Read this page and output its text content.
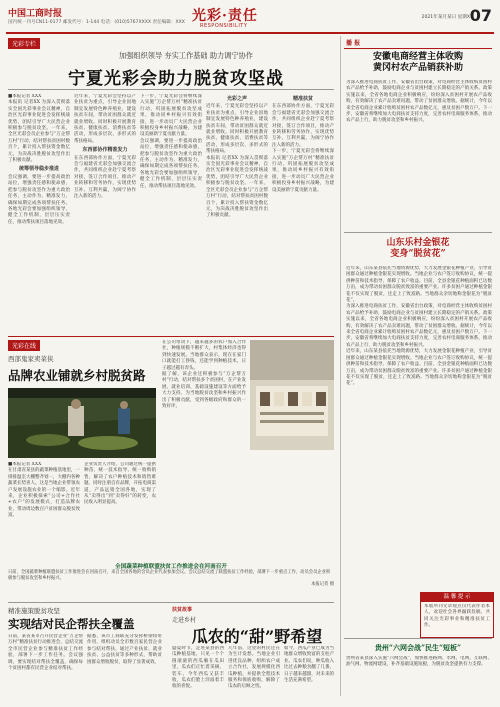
中国工商时报
国内统一刊号CN11-0177 邮发代号：1-144 电话：(010)5767XXXX 责任编辑：XXX 光彩·责任
RESPONSIBILITY
2021年某月某日 星期X 07
光彩专栏
加强组织领导 夯实工作基础 助力调宁协作
宁夏光彩会助力脱贫攻坚战
■本报记者 XXX
本报讯 记者XX 为深入贯彻落实全国光彩事业会议精神，自治区光彩事业促进会发挥统战优势，团结引导广大民营企业积极参与脱贫攻坚。一年来，全区光彩会员企业参与“万企帮万村”行动，结对帮扶贫困村数百个，累计投入帮扶资金数亿元，为决战决胜脱贫攻坚作出了积极贡献。
统筹领导稳步推进
会议强调，要进一步提高政治站位，增强责任感和使命感，把参与脱贫攻坚作为重大政治任务，主动作为、精准发力，确保如期完成各项帮扶任务。各地光彩会要加强组织领导，健全工作机制，层层压实责任，推动帮扶项目落地见效。
近年来，宁夏光彩会坚持以产业扶贫为重点，引导企业因地制宜发展特色种养殖业，建设扶贫车间，带动贫困群众就近就业增收。同时积极开展教育扶贫、健康扶贫、消费扶贫等活动，形成多层次、多形式的帮扶格局。
东西部协作精准发力
在东西部协作方面，宁夏光彩会与福建省光彩会加强交流合作，共同组织企业赴宁夏考察对接，签订合作项目，推动产业转移和劳务协作，实现优势互补、互利共赢，为闽宁协作注入新的活力。
下一步，宁夏光彩会将继续深入实施“万企帮万村”精准扶贫行动，巩固拓展脱贫攻坚成果，推动同乡村振兴有效衔接，进一步动员广大民营企业积极投身乡村振兴战略，为建设美丽新宁夏贡献力量。
会议强调，要进一步提高政治站位，增强责任感和使命感，把参与脱贫攻坚作为重大政治任务，主动作为、精准发力，确保如期完成各项帮扶任务。各地光彩会要加强组织领导，健全工作机制，层层压实责任，推动帮扶项目落地见效。
光彩之声
近年来，宁夏光彩会坚持以产业扶贫为重点，引导企业因地制宜发展特色种养殖业，建设扶贫车间，带动贫困群众就近就业增收。同时积极开展教育扶贫、健康扶贫、消费扶贫等活动，形成多层次、多形式的帮扶格局。
本报讯 记者XX 为深入贯彻落实全国光彩事业会议精神，自治区光彩事业促进会发挥统战优势，团结引导广大民营企业积极参与脱贫攻坚。一年来，全区光彩会员企业参与“万企帮万村”行动，结对帮扶贫困村数百个，累计投入帮扶资金数亿元，为决战决胜脱贫攻坚作出了积极贡献。
精准扶贫
在东西部协作方面，宁夏光彩会与福建省光彩会加强交流合作，共同组织企业赴宁夏考察对接，签订合作项目，推动产业转移和劳务协作，实现优势互补、互利共赢，为闽宁协作注入新的活力。
下一步，宁夏光彩会将继续深入实施“万企帮万村”精准扶贫行动，巩固拓展脱贫攻坚成果，推动同乡村振兴有效衔接，进一步动员广大民营企业积极投身乡村振兴战略，为建设美丽新宁夏贡献力量。
光彩在线
西部鬼家卖菜侠
品牌农业铺就乡村脱贫路
■本报记者 XXX
在甘肃省某县的蔬菜种植基地里，一排排温室大棚整齐划一，大棚内各种蔬菜长势喜人。这是当地企业带领农户发展设施农业的一个缩影。近年来，企业积极探索“公司+合作社+农户”的发展模式，打造品牌农业，带动周边数百户贫困群众脱贫致富。
企业负责人介绍，公司通过统一提供种苗、统一技术指导、统一收购销售，解决了农户种植技术和销售难题。同时注册自有品牌，开拓电商渠道，产品远销全国各地，实现了从“卖得出”到“卖得好”的转变，农民收入明显提高。
在公司带动下，越来越多的农户加入合作社，种植规模不断扩大，村集体经济也得到快速发展。当地群众表示，现在在家门口就能打工挣钱，还能学到种植技术，日子越过越有奔头。
据了解，该企业还积极参与“万企帮万村”行动，结对帮扶多个贫困村，在产业发展、就业培训、基础设施建设等方面给予大力支持，为当地脱贫攻坚和乡村振兴作出了积极贡献，受到各级政府和群众的一致好评。
全国蔬菜种植联盟扶贫工作推进会在河南召开
日前，全国蔬菜种植联盟扶贫工作推进会在河南召开，来自全国各地的会员企业代表参加会议。会议总结交流了联盟扶贫工作经验，部署下一步重点工作，动员会员企业积极参与脱贫攻坚和乡村振兴。
本报记者 摄
精准施策脱贫攻坚
实现结对民企帮扶全覆盖
日前，某省某市召开民营企业“万企帮万村”精准扶贫行动推进会，总结交流全市民营企业参与精准扶贫工作经验，部署下一步工作任务。会议强调，要实现结对帮扶全覆盖，确保每个贫困村都有民营企业结对帮扶。
据悉，该市工商联充分发挥桥梁纽带作用，组织动员全市数百家民营企业参与结对帮扶，通过产业扶贫、就业扶贫、公益扶贫等多种形式，帮助贫困群众增收脱贫，取得了显著成效。
扶贫故事
走进乡村
瓜农的“甜”野希望
盛夏时节，走进某县的西瓜种植基地，只见一个个圆滚滚的西瓜躺在瓜田里，瓜农们正忙着采摘、装车。今年西瓜又获丰收，瓜农们脸上洋溢着丰收的喜悦。
几年前，这里的村民还在为生计发愁。当地企业引进优良品种，组织农户成立合作社，发展规模化西瓜种植，并提供全程技术服务和保底收购，解除了瓜农的后顾之忧。
如今，西瓜产业已成为当地群众增收致富的支柱产业。瓜农们说，种瓜收入比过去种粮食翻了几番，日子越来越甜，对未来的生活充满希望。
播 报
安徽电商经营主体收购
黄冈村农产品销获补助
为深入推进电商扶贫工作，安徽省出台政策，对电商经营主体收购贫困村农产品给予补助，鼓励电商企业与贫困村建立长期稳定的产销关系。政策实施以来，全省各地电商企业积极响应，纷纷深入贫困村开展农产品收购，有效解决了农产品卖难问题，带动了贫困群众增收。据统计，今年以来全省电商企业累计收购贫困村农产品数亿元，惠及贫困户数万户。下一步，安徽省将继续加大电商扶贫支持力度，完善农村电商服务体系，推动农产品上行，助力脱贫攻坚和乡村振兴。
山东乐村金银花
变身“脱贫花”
近年来，山东某县依托当地资源优势，大力发展金银花种植产业，引导贫困群众通过种植金银花实现增收。当地企业与农户签订收购协议，统一提供种苗和技术指导，保障了农户收益。目前，全县金银花种植面积已达数万亩，成为带动贫困群众脱贫致富的重要产业。许多贫困户通过种植金银花不仅实现了脱贫，还走上了致富路。当地群众亲切地称金银花为“脱贫花”。
为深入推进电商扶贫工作，安徽省出台政策，对电商经营主体收购贫困村农产品给予补助，鼓励电商企业与贫困村建立长期稳定的产销关系。政策实施以来，全省各地电商企业积极响应，纷纷深入贫困村开展农产品收购，有效解决了农产品卖难问题，带动了贫困群众增收。据统计，今年以来全省电商企业累计收购贫困村农产品数亿元，惠及贫困户数万户。下一步，安徽省将继续加大电商扶贫支持力度，完善农村电商服务体系，推动农产品上行，助力脱贫攻坚和乡村振兴。
近年来，山东某县依托当地资源优势，大力发展金银花种植产业，引导贫困群众通过种植金银花实现增收。当地企业与农户签订收购协议，统一提供种苗和技术指导，保障了农户收益。目前，全县金银花种植面积已达数万亩，成为带动贫困群众脱贫致富的重要产业。许多贫困户通过种植金银花不仅实现了脱贫，还走上了致富路。当地群众亲切地称金银花为“脱贫花”。
贵州“六网会战”民生“短板”
贵州省某县深入实施“六网会战”，加快推进路网、水网、电网、互联网、油气网、物流网建设，补齐基础设施短板，为脱贫攻坚提供有力支撑。
温 馨 提 示
本版所刊文章观点仅代表作者本人，欢迎社会各界踊跃投稿，共同关注光彩事业和精准扶贫工作。
